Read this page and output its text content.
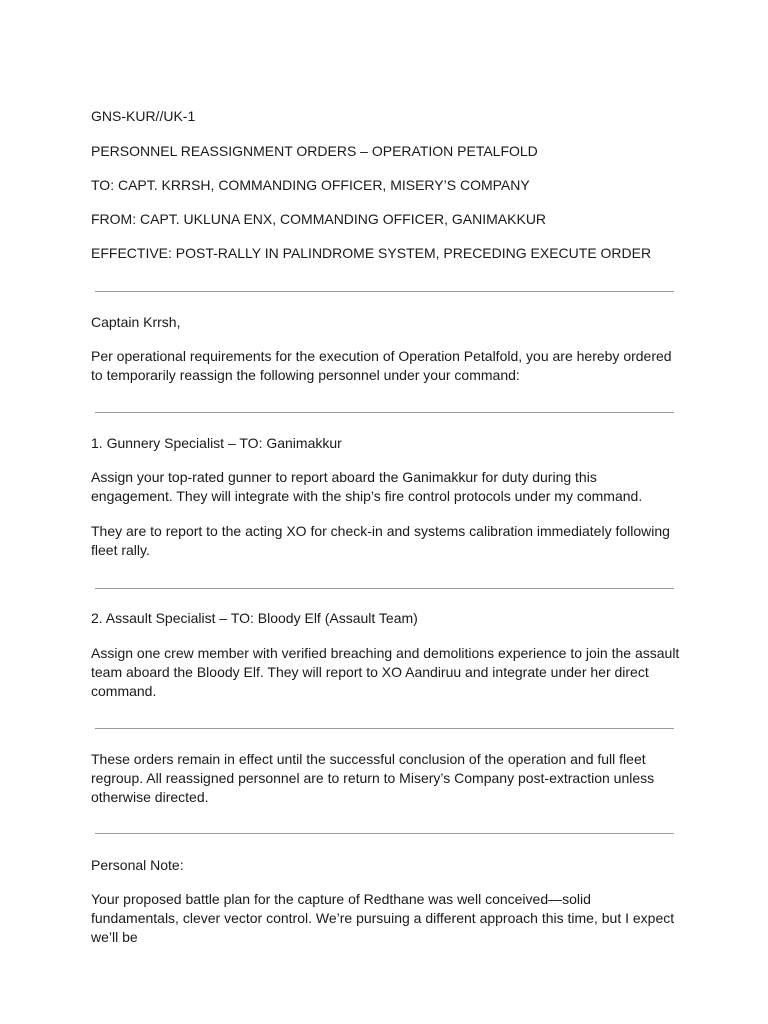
GNS-KUR//UK-1

PERSONNEL REASSIGNMENT ORDERS – OPERATION PETALFOLD

TO: CAPT. KRRSH, COMMANDING OFFICER, MISERY’S COMPANY

FROM: CAPT. UKLUNA ENX, COMMANDING OFFICER, GANIMAKKUR

EFFECTIVE: POST-RALLY IN PALINDROME SYSTEM, PRECEDING EXECUTE ORDER

Captain Krrsh,

Per operational requirements for the execution of Operation Petalfold, you are hereby ordered to temporarily reassign the following personnel under your command:

1. Gunnery Specialist – TO: Ganimakkur

Assign your top-rated gunner to report aboard the Ganimakkur for duty during this engagement. They will integrate with the ship’s fire control protocols under my command.

They are to report to the acting XO for check-in and systems calibration immediately following fleet rally.

2. Assault Specialist – TO: Bloody Elf (Assault Team)

Assign one crew member with verified breaching and demolitions experience to join the assault team aboard the Bloody Elf. They will report to XO Aandiruu and integrate under her direct command.

These orders remain in effect until the successful conclusion of the operation and full fleet regroup. All reassigned personnel are to return to Misery’s Company post-extraction unless otherwise directed.

Personal Note:

Your proposed battle plan for the capture of Redthane was well conceived—solid fundamentals, clever vector control. We’re pursuing a different approach this time, but I expect we’ll be
